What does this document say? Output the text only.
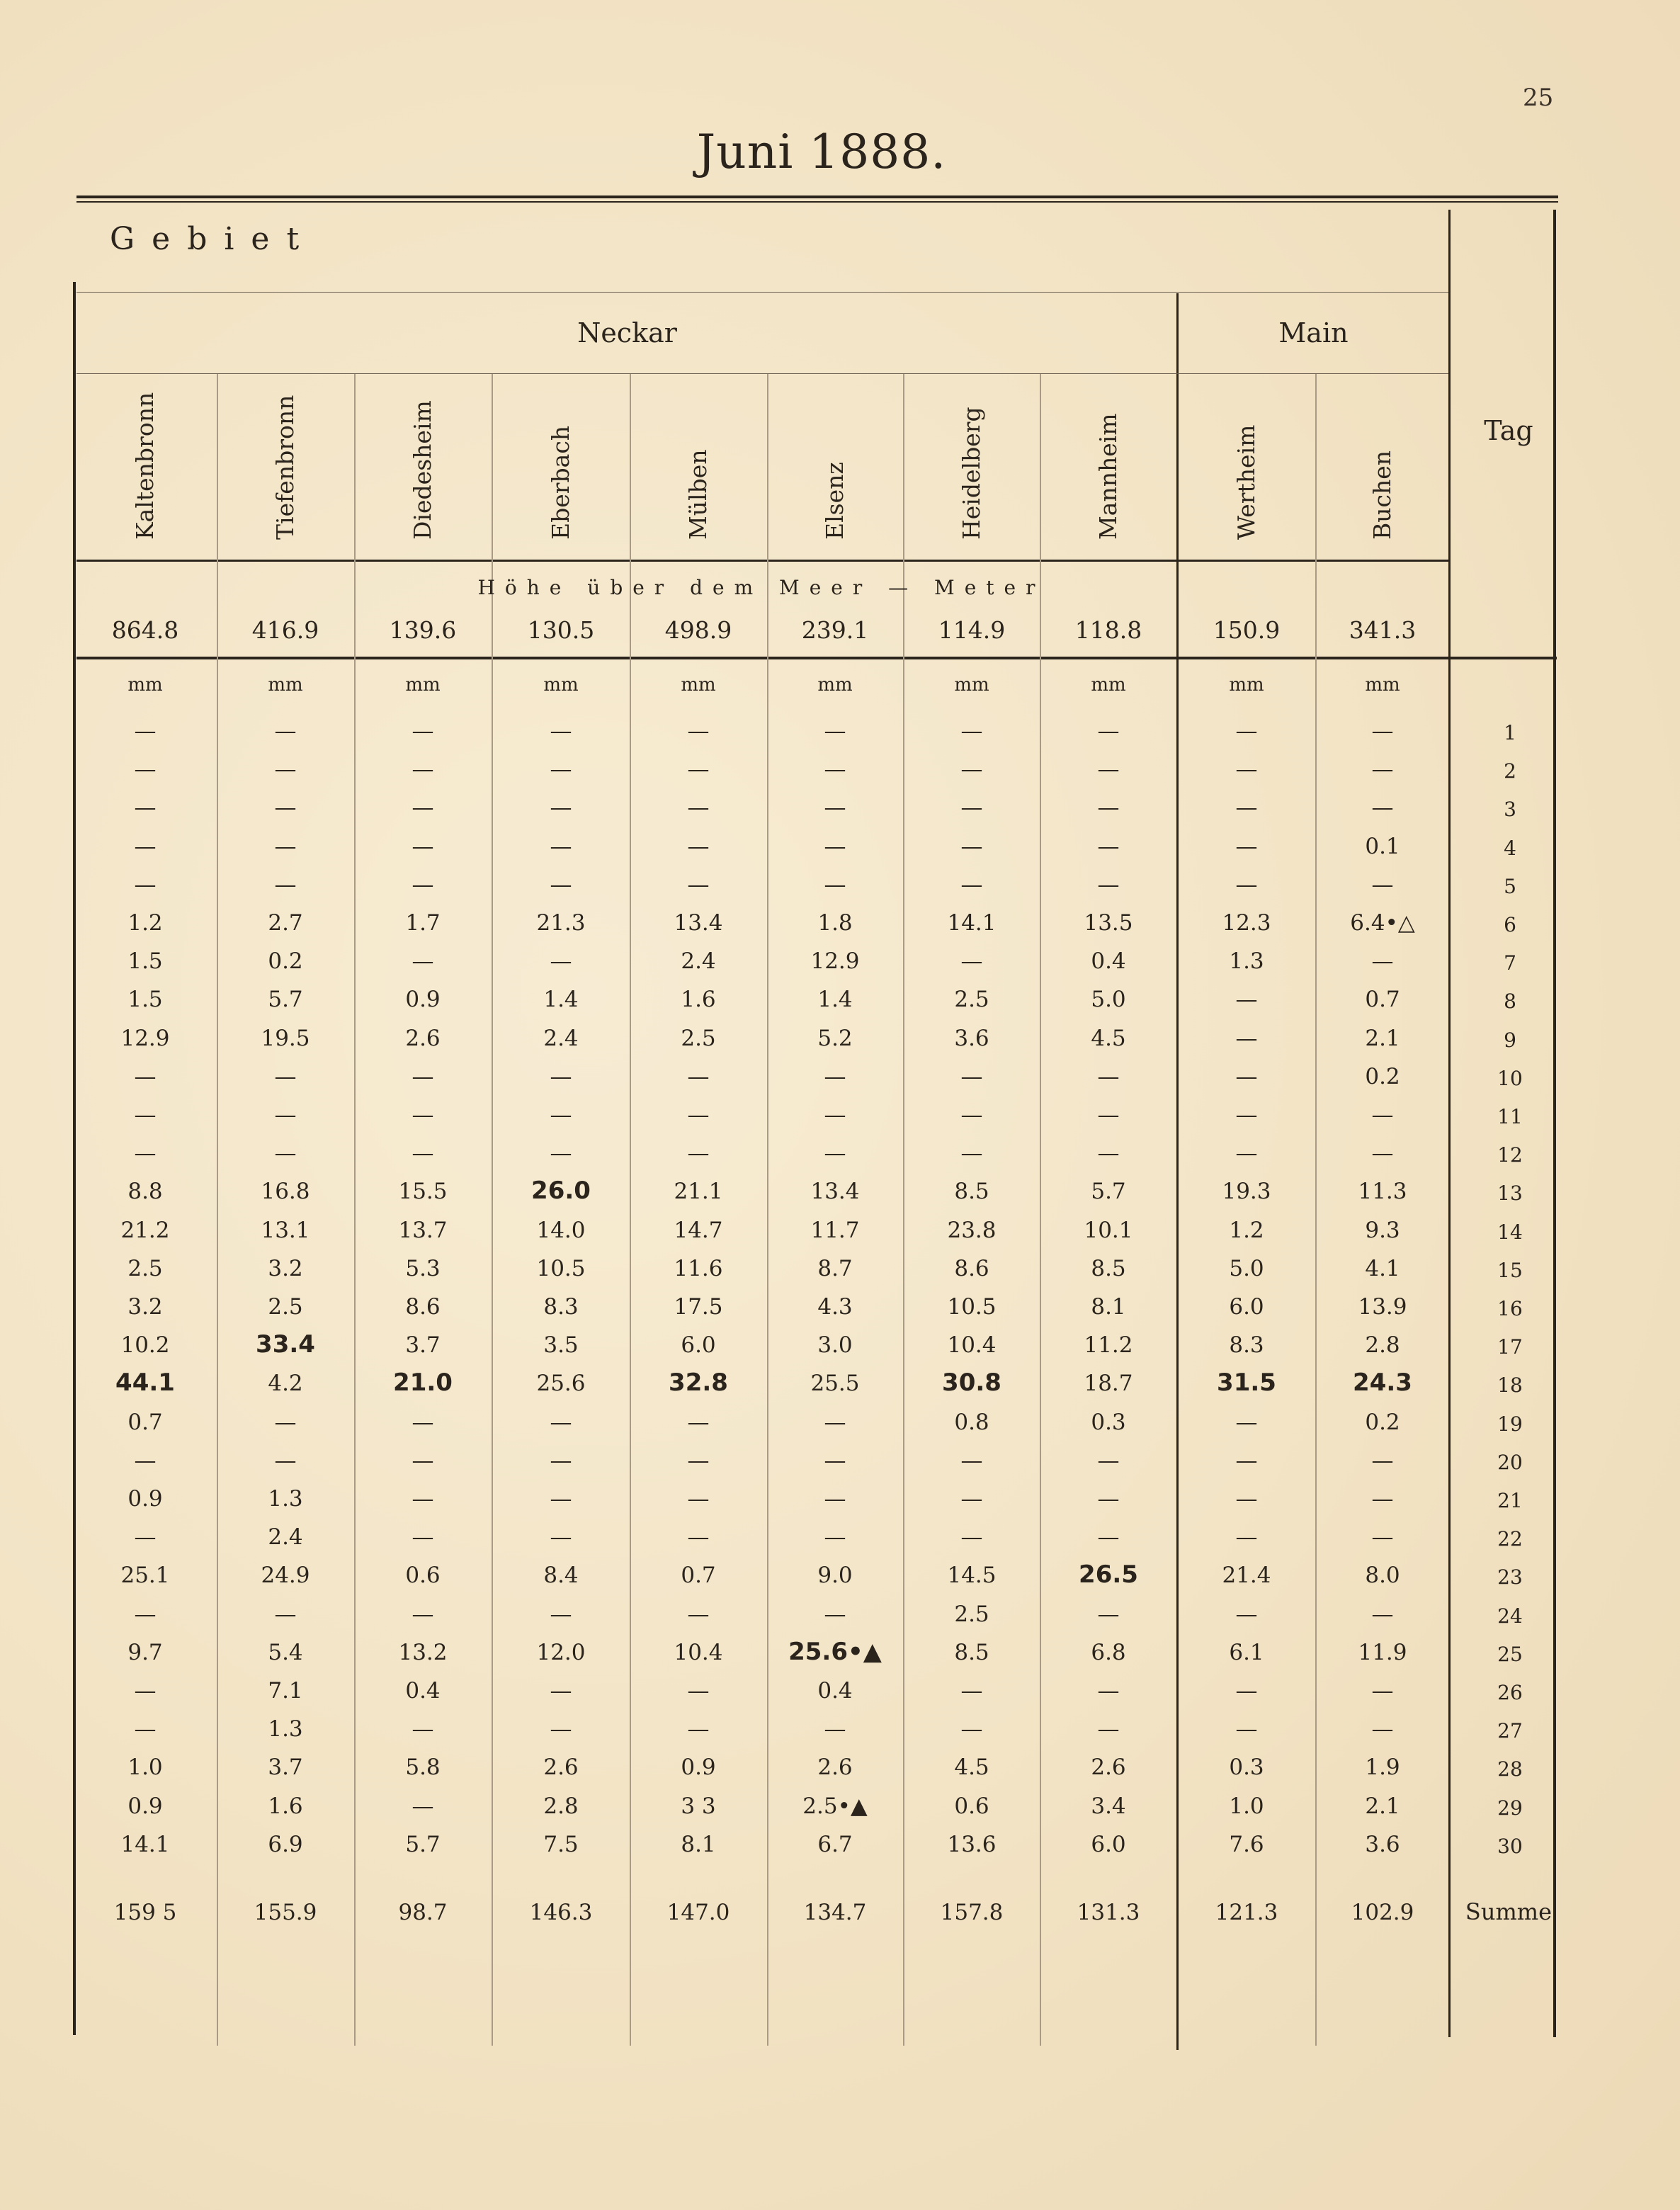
25
Juni 1888.
Gebiet
Neckar	Main
Tag
Kaltenbronn	Tiefenbronn	Diedesheim	Eberbach	Mülben	Elsenz	Heidelberg	Mannheim	Wertheim	Buchen
Höhe über dem Meer — Meter
864.8	416.9	139.6	130.5	498.9	239.1	114.9	118.8	150.9	341.3
mm	mm	mm	mm	mm	mm	mm	mm	mm	mm
—	—	—	—	—	—	—	—	—	—	1
—	—	—	—	—	—	—	—	—	—	2
—	—	—	—	—	—	—	—	—	—	3
—	—	—	—	—	—	—	—	—	0.1	4
—	—	—	—	—	—	—	—	—	—	5
1.2	2.7	1.7	21.3	13.4	1.8	14.1	13.5	12.3	6.4•△	6
1.5	0.2	—	—	2.4	12.9	—	0.4	1.3	—	7
1.5	5.7	0.9	1.4	1.6	1.4	2.5	5.0	—	0.7	8
12.9	19.5	2.6	2.4	2.5	5.2	3.6	4.5	—	2.1	9
—	—	—	—	—	—	—	—	—	0.2	10
—	—	—	—	—	—	—	—	—	—	11
—	—	—	—	—	—	—	—	—	—	12
8.8	16.8	15.5	26.0	21.1	13.4	8.5	5.7	19.3	11.3	13
21.2	13.1	13.7	14.0	14.7	11.7	23.8	10.1	1.2	9.3	14
2.5	3.2	5.3	10.5	11.6	8.7	8.6	8.5	5.0	4.1	15
3.2	2.5	8.6	8.3	17.5	4.3	10.5	8.1	6.0	13.9	16
10.2	33.4	3.7	3.5	6.0	3.0	10.4	11.2	8.3	2.8	17
44.1	4.2	21.0	25.6	32.8	25.5	30.8	18.7	31.5	24.3	18
0.7	—	—	—	—	—	0.8	0.3	—	0.2	19
—	—	—	—	—	—	—	—	—	—	20
0.9	1.3	—	—	—	—	—	—	—	—	21
—	2.4	—	—	—	—	—	—	—	—	22
25.1	24.9	0.6	8.4	0.7	9.0	14.5	26.5	21.4	8.0	23
—	—	—	—	—	—	2.5	—	—	—	24
9.7	5.4	13.2	12.0	10.4	25.6•▲	8.5	6.8	6.1	11.9	25
—	7.1	0.4	—	—	0.4	—	—	—	—	26
—	1.3	—	—	—	—	—	—	—	—	27
1.0	3.7	5.8	2.6	0.9	2.6	4.5	2.6	0.3	1.9	28
0.9	1.6	—	2.8	3 3	2.5•▲	0.6	3.4	1.0	2.1	29
14.1	6.9	5.7	7.5	8.1	6.7	13.6	6.0	7.6	3.6	30
159 5	155.9	98.7	146.3	147.0	134.7	157.8	131.3	121.3	102.9	Summe
